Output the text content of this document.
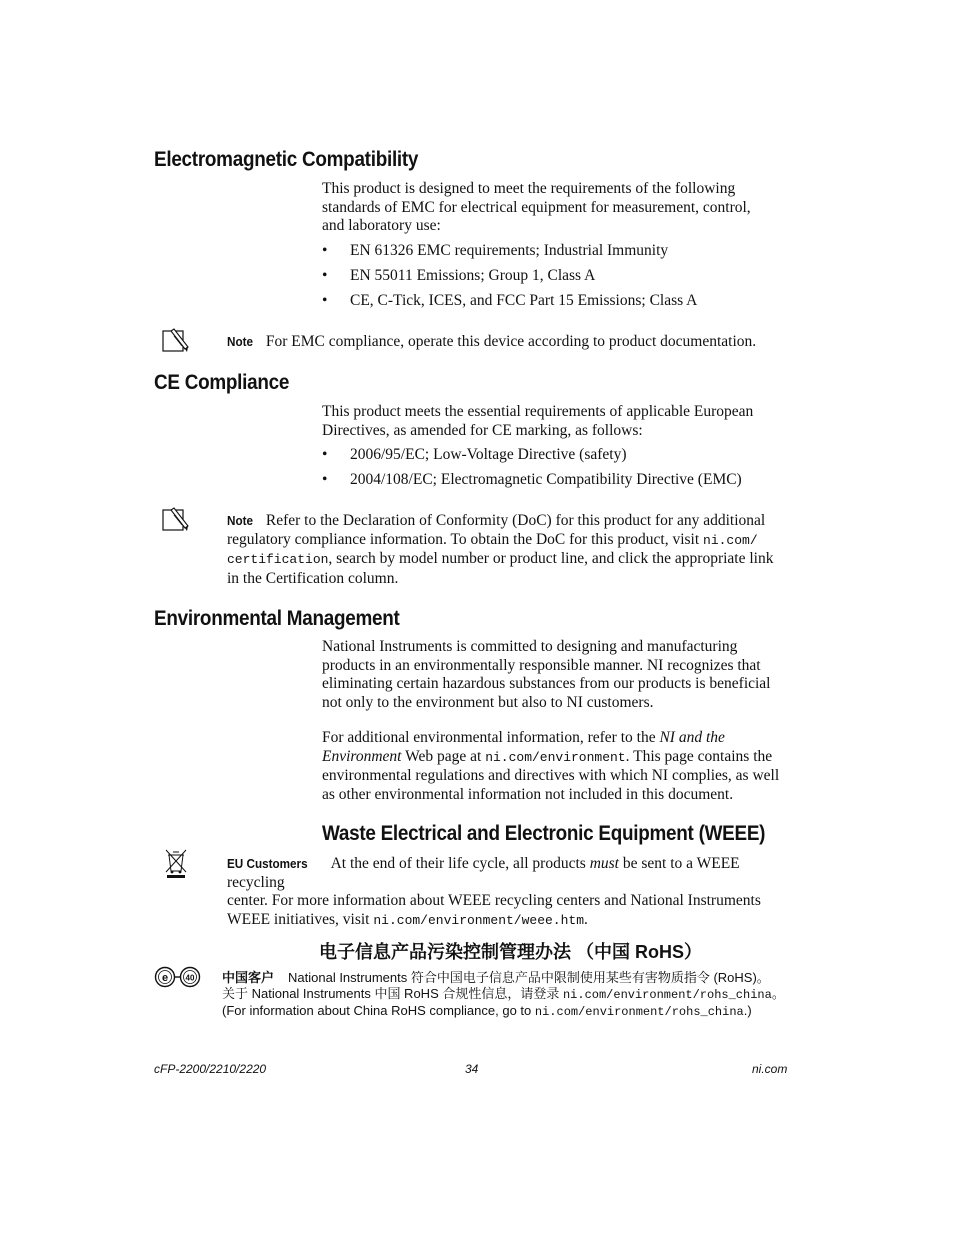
Electromagnetic Compatibility
This product is designed to meet the requirements of the following
standards of EMC for electrical equipment for measurement, control,
and laboratory use:
• EN 61326 EMC requirements; Industrial Immunity
• EN 55011 Emissions; Group 1, Class A
• CE, C-Tick, ICES, and FCC Part 15 Emissions; Class A
Note For EMC compliance, operate this device according to product documentation.
CE Compliance
This product meets the essential requirements of applicable European
Directives, as amended for CE marking, as follows:
• 2006/95/EC; Low-Voltage Directive (safety)
• 2004/108/EC; Electromagnetic Compatibility Directive (EMC)
Note Refer to the Declaration of Conformity (DoC) for this product for any additional
regulatory compliance information. To obtain the DoC for this product, visit ni.com/
certification, search by model number or product line, and click the appropriate link
in the Certification column.
Environmental Management
National Instruments is committed to designing and manufacturing
products in an environmentally responsible manner. NI recognizes that
eliminating certain hazardous substances from our products is beneficial
not only to the environment but also to NI customers.
For additional environmental information, refer to the NI and the
Environment Web page at ni.com/environment. This page contains the
environmental regulations and directives with which NI complies, as well
as other environmental information not included in this document.
Waste Electrical and Electronic Equipment (WEEE)
EU Customers At the end of their life cycle, all products must be sent to a WEEE recycling
center. For more information about WEEE recycling centers and National Instruments
WEEE initiatives, visit ni.com/environment/weee.htm.
电子信息产品污染控制管理办法 （中国 RoHS）
e 40 中国客户 National Instruments 符合中国电子信息产品中限制使用某些有害物质指令 (RoHS)。
关于 National Instruments 中国 RoHS 合规性信息，请登录 ni.com/environment/rohs_china。
(For information about China RoHS compliance, go to ni.com/environment/rohs_china.)
cFP-2200/2210/2220	34	ni.com
